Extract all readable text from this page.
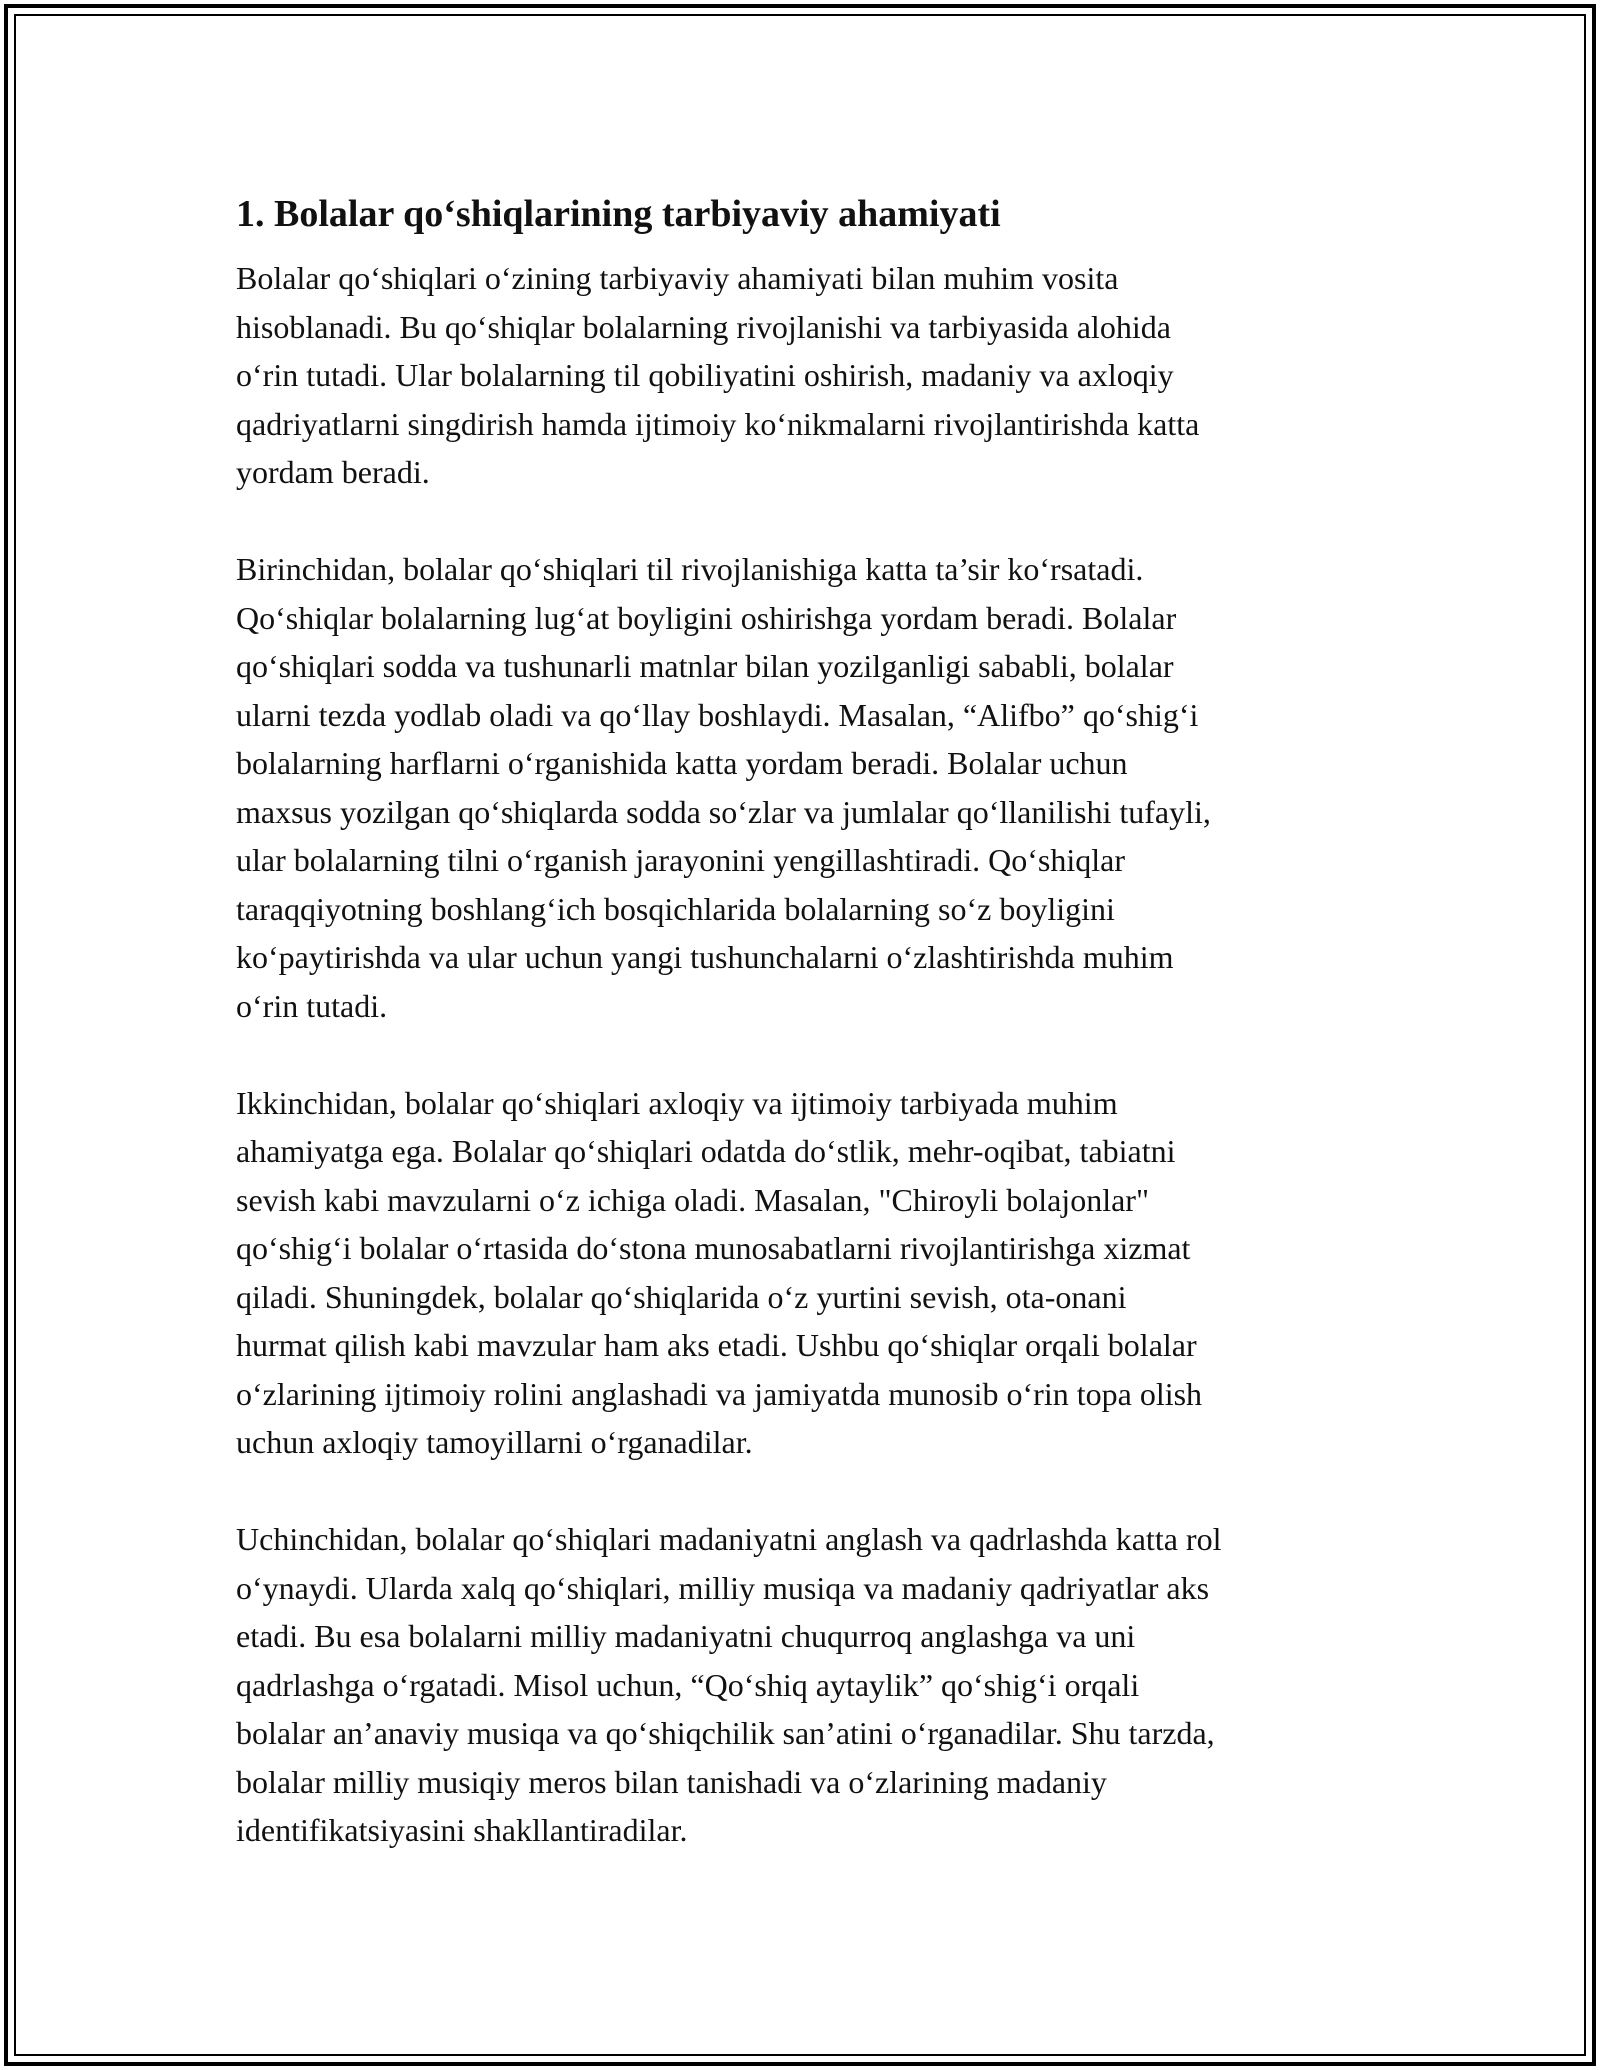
1. Bolalar qo‘shiqlarining tarbiyaviy ahamiyati

Bolalar qo‘shiqlari o‘zining tarbiyaviy ahamiyati bilan muhim vosita
hisoblanadi. Bu qo‘shiqlar bolalarning rivojlanishi va tarbiyasida alohida
o‘rin tutadi. Ular bolalarning til qobiliyatini oshirish, madaniy va axloqiy
qadriyatlarni singdirish hamda ijtimoiy ko‘nikmalarni rivojlantirishda katta
yordam beradi.

Birinchidan, bolalar qo‘shiqlari til rivojlanishiga katta ta’sir ko‘rsatadi.
Qo‘shiqlar bolalarning lug‘at boyligini oshirishga yordam beradi. Bolalar
qo‘shiqlari sodda va tushunarli matnlar bilan yozilganligi sababli, bolalar
ularni tezda yodlab oladi va qo‘llay boshlaydi. Masalan, “Alifbo” qo‘shig‘i
bolalarning harflarni o‘rganishida katta yordam beradi. Bolalar uchun
maxsus yozilgan qo‘shiqlarda sodda so‘zlar va jumlalar qo‘llanilishi tufayli,
ular bolalarning tilni o‘rganish jarayonini yengillashtiradi. Qo‘shiqlar
taraqqiyotning boshlang‘ich bosqichlarida bolalarning so‘z boyligini
ko‘paytirishda va ular uchun yangi tushunchalarni o‘zlashtirishda muhim
o‘rin tutadi.

Ikkinchidan, bolalar qo‘shiqlari axloqiy va ijtimoiy tarbiyada muhim
ahamiyatga ega. Bolalar qo‘shiqlari odatda do‘stlik, mehr-oqibat, tabiatni
sevish kabi mavzularni o‘z ichiga oladi. Masalan, "Chiroyli bolajonlar"
qo‘shig‘i bolalar o‘rtasida do‘stona munosabatlarni rivojlantirishga xizmat
qiladi. Shuningdek, bolalar qo‘shiqlarida o‘z yurtini sevish, ota-onani
hurmat qilish kabi mavzular ham aks etadi. Ushbu qo‘shiqlar orqali bolalar
o‘zlarining ijtimoiy rolini anglashadi va jamiyatda munosib o‘rin topa olish
uchun axloqiy tamoyillarni o‘rganadilar.

Uchinchidan, bolalar qo‘shiqlari madaniyatni anglash va qadrlashda katta rol
o‘ynaydi. Ularda xalq qo‘shiqlari, milliy musiqa va madaniy qadriyatlar aks
etadi. Bu esa bolalarni milliy madaniyatni chuqurroq anglashga va uni
qadrlashga o‘rgatadi. Misol uchun, “Qo‘shiq aytaylik” qo‘shig‘i orqali
bolalar an’anaviy musiqa va qo‘shiqchilik san’atini o‘rganadilar. Shu tarzda,
bolalar milliy musiqiy meros bilan tanishadi va o‘zlarining madaniy
identifikatsiyasini shakllantiradilar.
